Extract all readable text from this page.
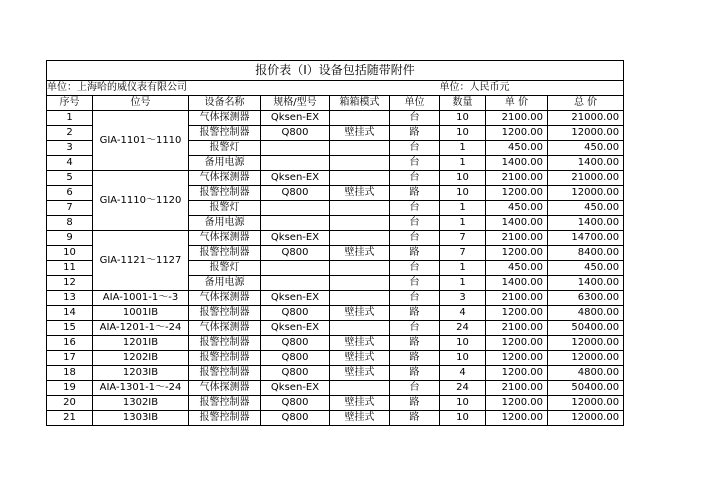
报价表（Ⅰ）设备包括随带附件								
单位：上海哈的威仪表有限公司						单位：人民币元		
序号	位号	设备名称	规格/型号	箱箱模式	单位	数量	单 价	总 价
1	GIA-1101～1110	气体探测器	Qksen-EX		台	10	2100.00	21000.00
2		报警控制器	Q800	壁挂式	路	10	1200.00	12000.00
3		报警灯			台	1	450.00	450.00
4		备用电源			台	1	1400.00	1400.00
5	GIA-1110～1120	气体探测器	Qksen-EX		台	10	2100.00	21000.00
6		报警控制器	Q800	壁挂式	路	10	1200.00	12000.00
7		报警灯			台	1	450.00	450.00
8		备用电源			台	1	1400.00	1400.00
9	GIA-1121～1127	气体探测器	Qksen-EX		台	7	2100.00	14700.00
10		报警控制器	Q800	壁挂式	路	7	1200.00	8400.00
11		报警灯			台	1	450.00	450.00
12		备用电源			台	1	1400.00	1400.00
13	AIA-1001-1～-3	气体探测器	Qksen-EX		台	3	2100.00	6300.00
14	1001IB	报警控制器	Q800	壁挂式	路	4	1200.00	4800.00
15	AIA-1201-1～-24	气体探测器	Qksen-EX		台	24	2100.00	50400.00
16	1201IB	报警控制器	Q800	壁挂式	路	10	1200.00	12000.00
17	1202IB	报警控制器	Q800	壁挂式	路	10	1200.00	12000.00
18	1203IB	报警控制器	Q800	壁挂式	路	4	1200.00	4800.00
19	AIA-1301-1～-24	气体探测器	Qksen-EX		台	24	2100.00	50400.00
20	1302IB	报警控制器	Q800	壁挂式	路	10	1200.00	12000.00
21	1303IB	报警控制器	Q800	壁挂式	路	10	1200.00	12000.00
